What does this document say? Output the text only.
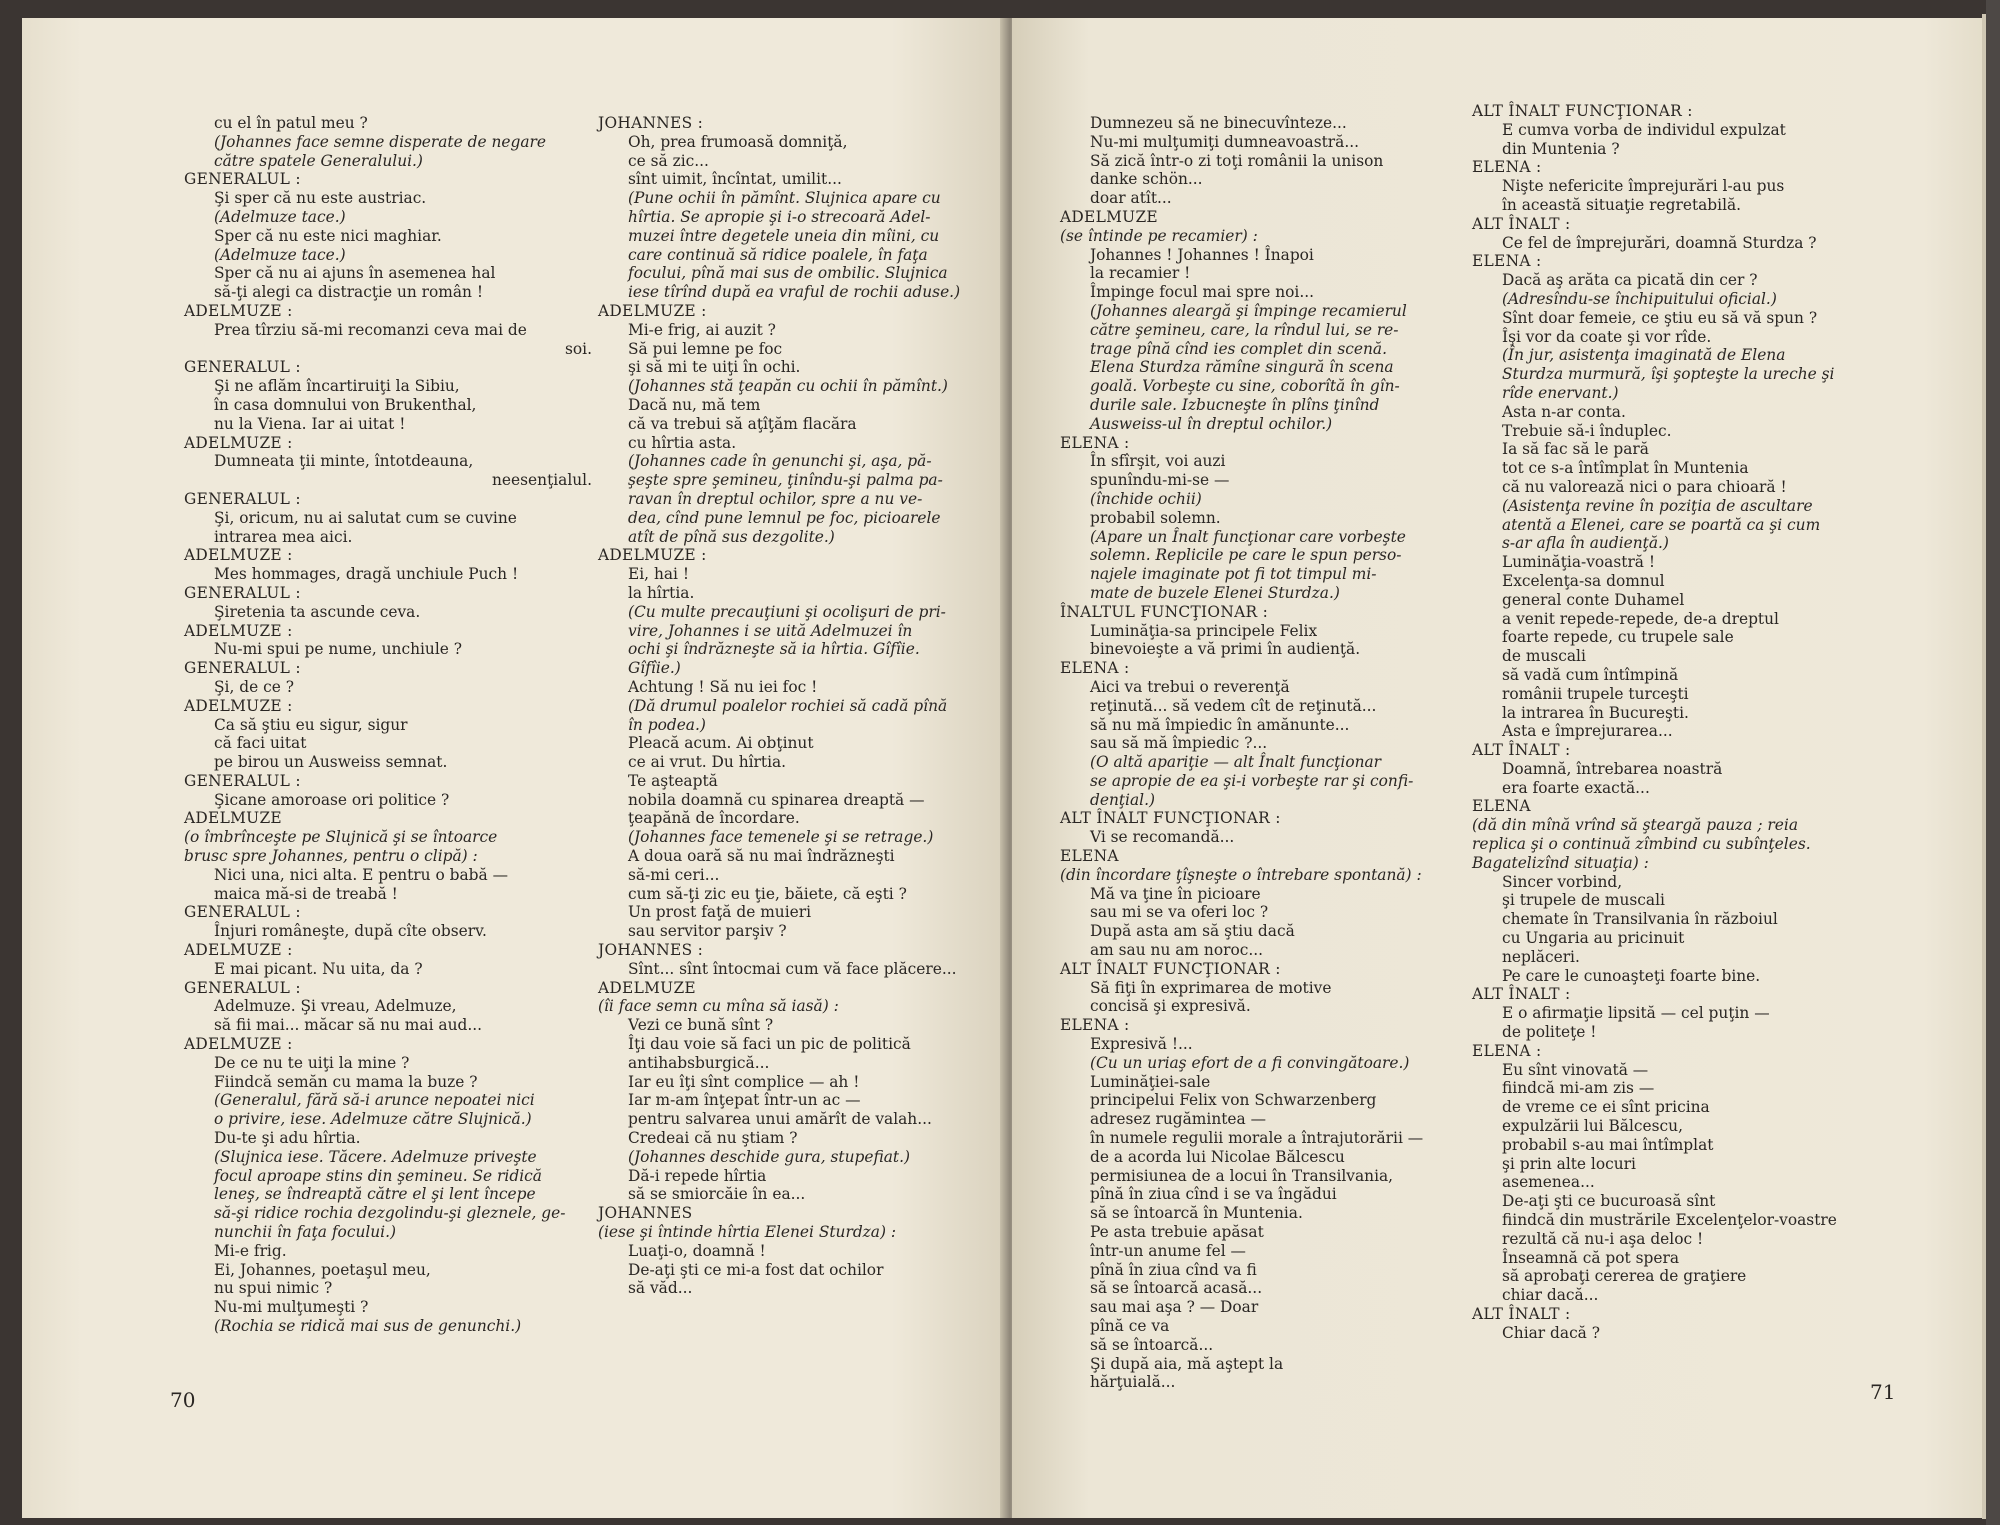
cu el în patul meu ?

(Johannes face semne disperate de negare

către spatele Generalului.)

GENERALUL :

Şi sper că nu este austriac.

(Adelmuze tace.)

Sper că nu este nici maghiar.

(Adelmuze tace.)

Sper că nu ai ajuns în asemenea hal

să-ţi alegi ca distracţie un român !

ADELMUZE :

Prea tîrziu să-mi recomanzi ceva mai de

soi.

GENERALUL :

Şi ne aflăm încartiruiţi la Sibiu,

în casa domnului von Brukenthal,

nu la Viena. Iar ai uitat !

ADELMUZE :

Dumneata ţii minte, întotdeauna,

neesenţialul.

GENERALUL :

Şi, oricum, nu ai salutat cum se cuvine

intrarea mea aici.

ADELMUZE :

Mes hommages, dragă unchiule Puch !

GENERALUL :

Şiretenia ta ascunde ceva.

ADELMUZE :

Nu-mi spui pe nume, unchiule ?

GENERALUL :

Şi, de ce ?

ADELMUZE :

Ca să ştiu eu sigur, sigur

că faci uitat

pe birou un Ausweiss semnat.

GENERALUL :

Şicane amoroase ori politice ?

ADELMUZE

(o îmbrînceşte pe Slujnică şi se întoarce

brusc spre Johannes, pentru o clipă) :

Nici una, nici alta. E pentru o babă —

maica mă-si de treabă !

GENERALUL :

Înjuri româneşte, după cîte observ.

ADELMUZE :

E mai picant. Nu uita, da ?

GENERALUL :

Adelmuze. Şi vreau, Adelmuze,

să fii mai... măcar să nu mai aud...

ADELMUZE :

De ce nu te uiţi la mine ?

Fiindcă semăn cu mama la buze ?

(Generalul, fără să-i arunce nepoatei nici

o privire, iese. Adelmuze către Slujnică.)

Du-te şi adu hîrtia.

(Slujnica iese. Tăcere. Adelmuze priveşte

focul aproape stins din şemineu. Se ridică

leneş, se îndreaptă către el şi lent începe

să-şi ridice rochia dezgolindu-şi gleznele, ge-

nunchii în faţa focului.)

Mi-e frig.

Ei, Johannes, poetaşul meu,

nu spui nimic ?

Nu-mi mulţumeşti ?

(Rochia se ridică mai sus de genunchi.)

JOHANNES :

Oh, prea frumoasă domniţă,

ce să zic...

sînt uimit, încîntat, umilit...

(Pune ochii în pămînt. Slujnica apare cu

hîrtia. Se apropie şi i-o strecoară Adel-

muzei între degetele uneia din mîini, cu

care continuă să ridice poalele, în faţa

focului, pînă mai sus de ombilic. Slujnica

iese tîrînd după ea vraful de rochii aduse.)

ADELMUZE :

Mi-e frig, ai auzit ?

Să pui lemne pe foc

şi să mi te uiţi în ochi.

(Johannes stă ţeapăn cu ochii în pămînt.)

Dacă nu, mă tem

că va trebui să aţîţăm flacăra

cu hîrtia asta.

(Johannes cade în genunchi şi, aşa, pă-

şeşte spre şemineu, ţinîndu-şi palma pa-

ravan în dreptul ochilor, spre a nu ve-

dea, cînd pune lemnul pe foc, picioarele

atît de pînă sus dezgolite.)

ADELMUZE :

Ei, hai !

la hîrtia.

(Cu multe precauţiuni şi ocolişuri de pri-

vire, Johannes i se uită Adelmuzei în

ochi şi îndrăzneşte să ia hîrtia. Gîfîie.

Gîfîie.)

Achtung ! Să nu iei foc !

(Dă drumul poalelor rochiei să cadă pînă

în podea.)

Pleacă acum. Ai obţinut

ce ai vrut. Du hîrtia.

Te aşteaptă

nobila doamnă cu spinarea dreaptă —

ţeapănă de încordare.

(Johannes face temenele şi se retrage.)

A doua oară să nu mai îndrăzneşti

să-mi ceri...

cum să-ţi zic eu ţie, băiete, că eşti ?

Un prost faţă de muieri

sau servitor parşiv ?

JOHANNES :

Sînt... sînt întocmai cum vă face plăcere...

ADELMUZE

(îi face semn cu mîna să iasă) :

Vezi ce bună sînt ?

Îţi dau voie să faci un pic de politică

antihabsburgică...

Iar eu îţi sînt complice — ah !

Iar m-am înţepat într-un ac —

pentru salvarea unui amărît de valah...

Credeai că nu ştiam ?

(Johannes deschide gura, stupefiat.)

Dă-i repede hîrtia

să se smiorcăie în ea...

JOHANNES

(iese şi întinde hîrtia Elenei Sturdza) :

Luaţi-o, doamnă !

De-aţi şti ce mi-a fost dat ochilor

să văd...

70

Dumnezeu să ne binecuvînteze...

Nu-mi mulţumiţi dumneavoastră...

Să zică într-o zi toţi românii la unison

danke schön...

doar atît...

ADELMUZE

(se întinde pe recamier) :

Johannes ! Johannes ! Înapoi

la recamier !

Împinge focul mai spre noi...

(Johannes aleargă şi împinge recamierul

către şemineu, care, la rîndul lui, se re-

trage pînă cînd ies complet din scenă.

Elena Sturdza rămîne singură în scena

goală. Vorbeşte cu sine, coborîtă în gîn-

durile sale. Izbucneşte în plîns ţinînd

Ausweiss-ul în dreptul ochilor.)

ELENA :

În sfîrşit, voi auzi

spunîndu-mi-se —

(închide ochii)

probabil solemn.

(Apare un Înalt funcţionar care vorbeşte

solemn. Replicile pe care le spun perso-

najele imaginate pot fi tot timpul mi-

mate de buzele Elenei Sturdza.)

ÎNALTUL FUNCŢIONAR :

Luminăţia-sa principele Felix

binevoieşte a vă primi în audienţă.

ELENA :

Aici va trebui o reverenţă

reţinută... să vedem cît de reţinută...

să nu mă împiedic în amănunte...

sau să mă împiedic ?...

(O altă apariţie — alt Înalt funcţionar

se apropie de ea şi-i vorbeşte rar şi confi-

denţial.)

ALT ÎNALT FUNCŢIONAR :

Vi se recomandă...

ELENA

(din încordare ţîşneşte o întrebare spontană) :

Mă va ţine în picioare

sau mi se va oferi loc ?

După asta am să ştiu dacă

am sau nu am noroc...

ALT ÎNALT FUNCŢIONAR :

Să fiţi în exprimarea de motive

concisă şi expresivă.

ELENA :

Expresivă !...

(Cu un uriaş efort de a fi convingătoare.)

Luminăţiei-sale

principelui Felix von Schwarzenberg

adresez rugămintea —

în numele regulii morale a întrajutorării —

de a acorda lui Nicolae Bălcescu

permisiunea de a locui în Transilvania,

pînă în ziua cînd i se va îngădui

să se întoarcă în Muntenia.

Pe asta trebuie apăsat

într-un anume fel —

pînă în ziua cînd va fi

să se întoarcă acasă...

sau mai aşa ? — Doar

pînă ce va

să se întoarcă...

Şi după aia, mă aştept la

hărţuială...

ALT ÎNALT FUNCŢIONAR :

E cumva vorba de individul expulzat

din Muntenia ?

ELENA :

Nişte nefericite împrejurări l-au pus

în această situaţie regretabilă.

ALT ÎNALT :

Ce fel de împrejurări, doamnă Sturdza ?

ELENA :

Dacă aş arăta ca picată din cer ?

(Adresîndu-se închipuitului oficial.)

Sînt doar femeie, ce ştiu eu să vă spun ?

Îşi vor da coate şi vor rîde.

(În jur, asistenţa imaginată de Elena

Sturdza murmură, îşi şopteşte la ureche şi

rîde enervant.)

Asta n-ar conta.

Trebuie să-i îndupleс.

Ia să fac să le pară

tot ce s-a întîmplat în Muntenia

că nu valorează nici o para chioară !

(Asistenţa revine în poziţia de ascultare

atentă a Elenei, care se poartă ca şi cum

s-ar afla în audienţă.)

Luminăţia-voastră !

Excelenţa-sa domnul

general conte Duhamel

a venit repede-repede, de-a dreptul

foarte repede, cu trupele sale

de muscali

să vadă cum întîmpină

românii trupele turceşti

la intrarea în Bucureşti.

Asta e împrejurarea...

ALT ÎNALT :

Doamnă, întrebarea noastră

era foarte exactă...

ELENA

(dă din mînă vrînd să şteargă pauza ; reia

replica şi o continuă zîmbind cu subînţeles.

Bagatelizînd situaţia) :

Sincer vorbind,

şi trupele de muscali

chemate în Transilvania în războiul

cu Ungaria au pricinuit

neplăceri.

Pe care le cunoaşteţi foarte bine.

ALT ÎNALT :

E o afirmaţie lipsită — cel puţin —

de politeţe !

ELENA :

Eu sînt vinovată —

fiindcă mi-am zis —

de vreme ce ei sînt pricina

expulzării lui Bălcescu,

probabil s-au mai întîmplat

şi prin alte locuri

asemenea...

De-aţi şti ce bucuroasă sînt

fiindcă din mustrările Excelenţelor-voastre

rezultă că nu-i aşa deloc !

Înseamnă că pot spera

să aprobaţi cererea de graţiere

chiar dacă...

ALT ÎNALT :

Chiar dacă ?

71
